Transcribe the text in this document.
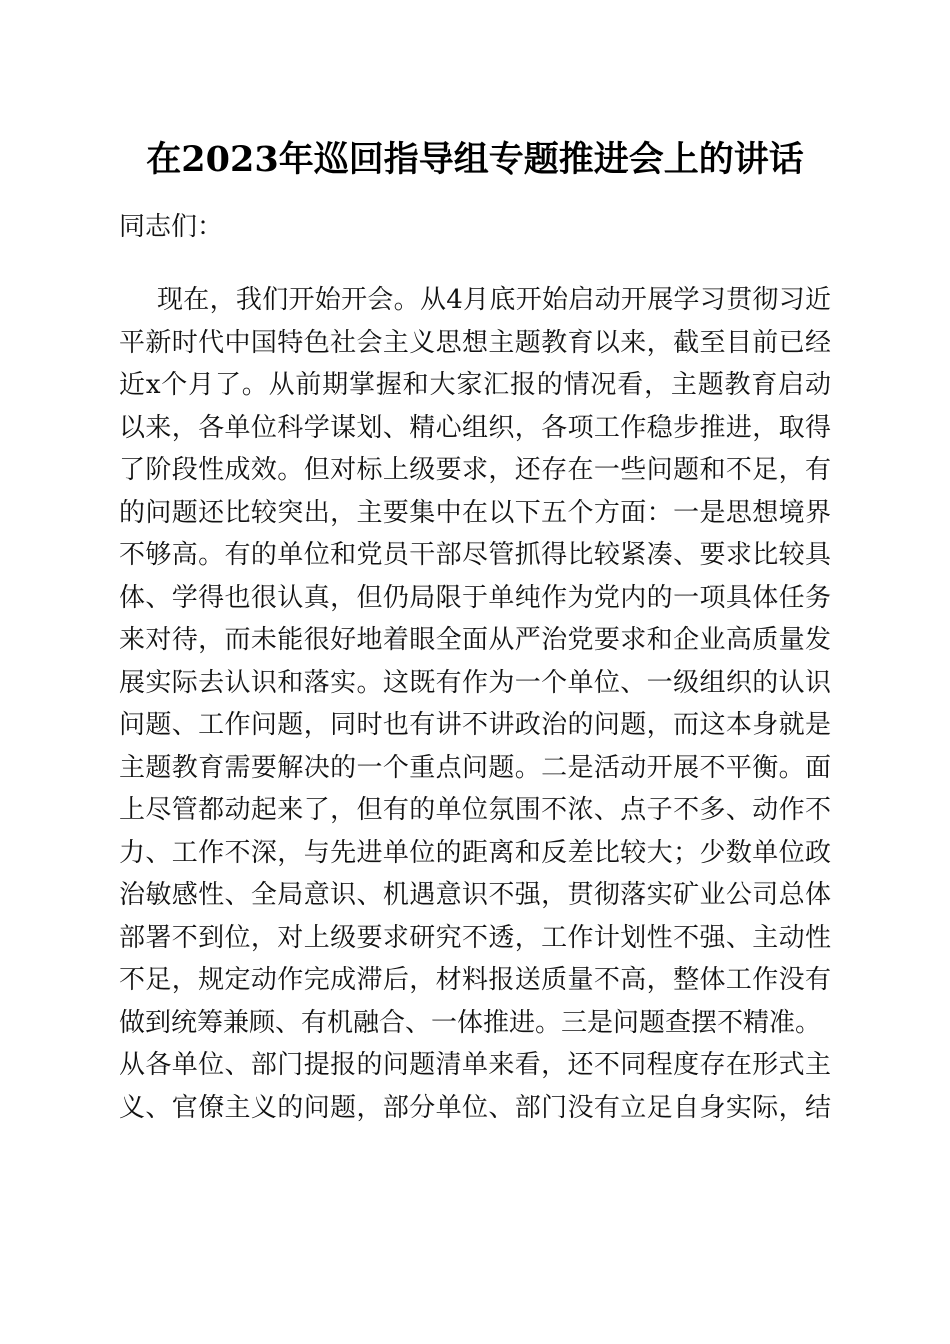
在2023年巡回指导组专题推进会上的讲话
同志们：
现在，我们开始开会。从4月底开始启动开展学习贯彻习近
平新时代中国特色社会主义思想主题教育以来，截至目前已经
近x个月了。从前期掌握和大家汇报的情况看，主题教育启动
以来，各单位科学谋划、精心组织，各项工作稳步推进，取得
了阶段性成效。但对标上级要求，还存在一些问题和不足，有
的问题还比较突出，主要集中在以下五个方面：一是思想境界
不够高。有的单位和党员干部尽管抓得比较紧凑、要求比较具
体、学得也很认真，但仍局限于单纯作为党内的一项具体任务
来对待，而未能很好地着眼全面从严治党要求和企业高质量发
展实际去认识和落实。这既有作为一个单位、一级组织的认识
问题、工作问题，同时也有讲不讲政治的问题，而这本身就是
主题教育需要解决的一个重点问题。二是活动开展不平衡。面
上尽管都动起来了，但有的单位氛围不浓、点子不多、动作不
力、工作不深，与先进单位的距离和反差比较大；少数单位政
治敏感性、全局意识、机遇意识不强，贯彻落实矿业公司总体
部署不到位，对上级要求研究不透，工作计划性不强、主动性
不足，规定动作完成滞后，材料报送质量不高，整体工作没有
做到统筹兼顾、有机融合、一体推进。三是问题查摆不精准。
从各单位、部门提报的问题清单来看，还不同程度存在形式主
义、官僚主义的问题，部分单位、部门没有立足自身实际，结
